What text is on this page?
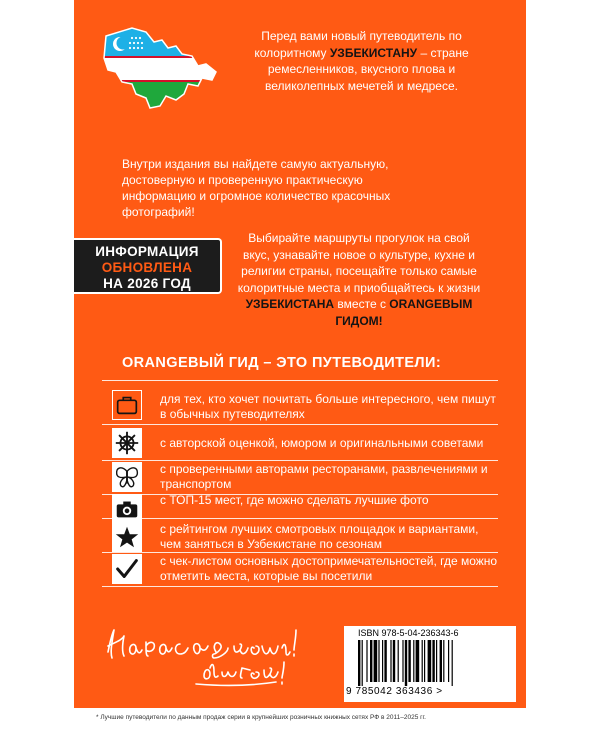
Перед вами новый путеводитель по колоритному УЗБЕКИСТАНУ – стране ремесленников, вкусного плова и великолепных мечетей и медресе.
Внутри издания вы найдете самую актуальную, достоверную и проверенную практическую информацию и огромное количество красочных фотографий!
ИНФОРМАЦИЯ
ОБНОВЛЕНА
НА 2026 ГОД
Выбирайте маршруты прогулок на свой вкус, узнавайте новое о культуре, кухне и религии страны, посещайте только самые колоритные места и приобщайтесь к жизни УЗБЕКИСТАНА вместе с ORANGEВЫМ ГИДОМ!
ORANGEВЫЙ ГИД – ЭТО ПУТЕВОДИТЕЛИ:
для тех, кто хочет почитать больше интересного, чем пишут в обычных путеводителях
с авторской оценкой, юмором и оригинальными советами
с проверенными авторами ресторанами, развлечениями и транспортом
с ТОП-15 мест, где можно сделать лучшие фото
с рейтингом лучших смотровых площадок и вариантами, чем заняться в Узбекистане по сезонам
с чек-листом основных достопримечательностей, где можно отметить места, которые вы посетили
ISBN 978-5-04-236343-6
9 785042 363436 >
* Лучшие путеводители по данным продаж серии в крупнейших розничных книжных сетях РФ в 2011–2025 гг.
